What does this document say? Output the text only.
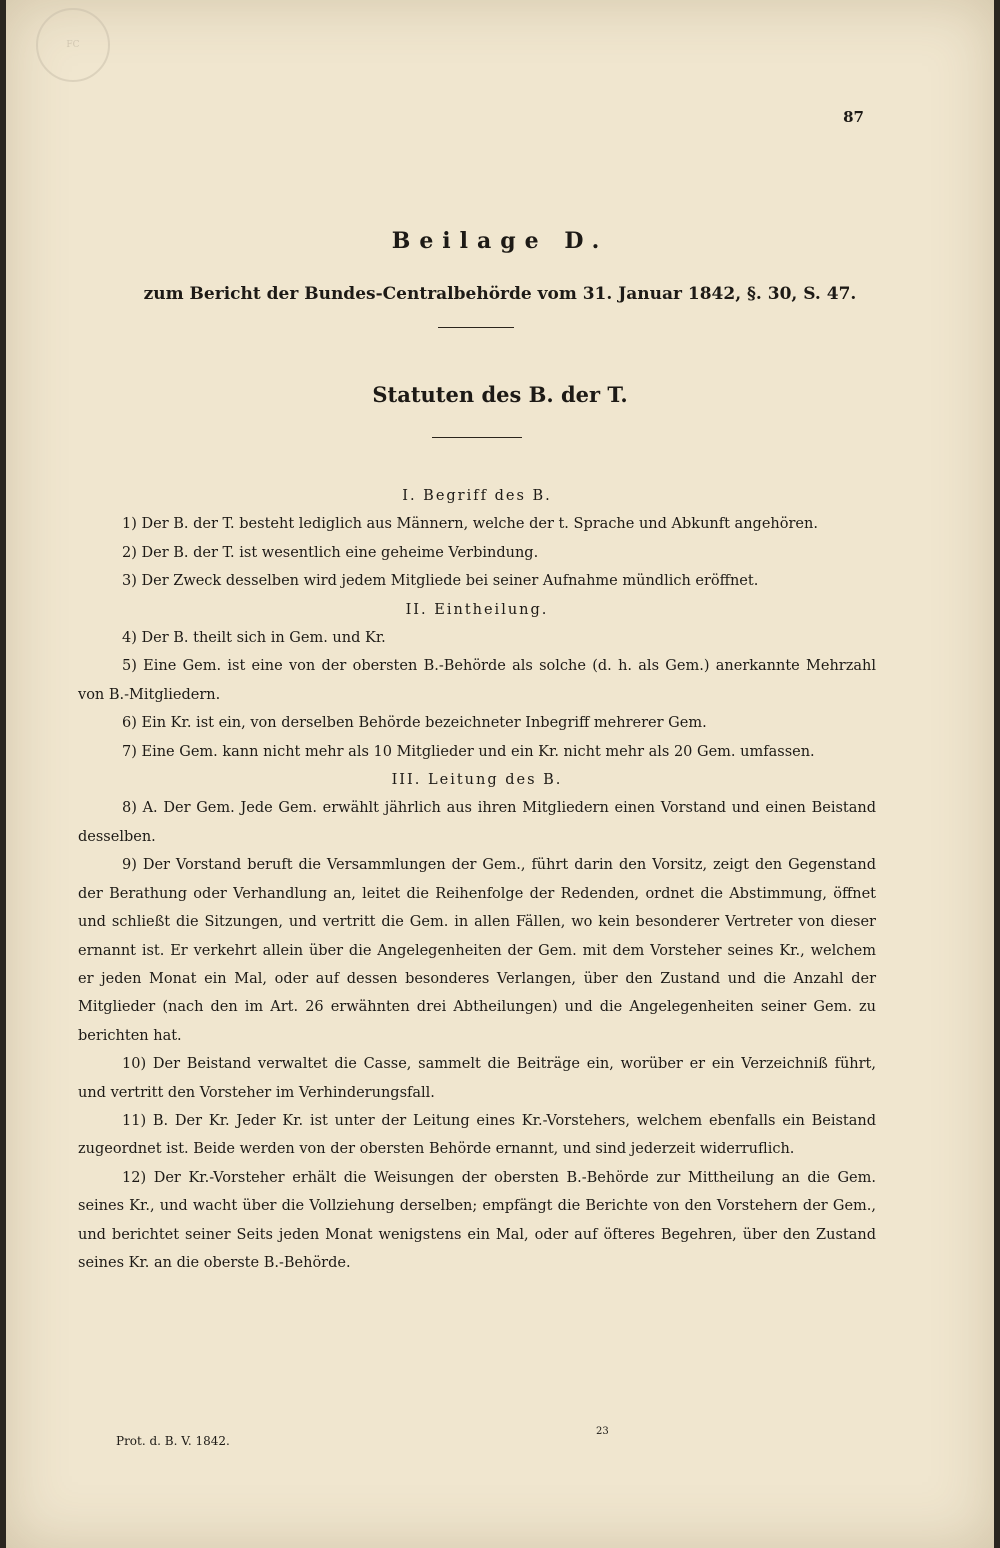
FC
87
Beilage D.
zum Bericht der Bundes-Centralbehörde vom 31. Januar 1842, §. 30, S. 47.
Statuten des B. der T.
I. Begriff des B.

1) Der B. der T. besteht lediglich aus Männern, welche der t. Sprache und Abkunft angehören.

2) Der B. der T. ist wesentlich eine geheime Verbindung.

3) Der Zweck desselben wird jedem Mitgliede bei seiner Aufnahme mündlich eröffnet.

II. Eintheilung.

4) Der B. theilt sich in Gem. und Kr.

5) Eine Gem. ist eine von der obersten B.-Behörde als solche (d. h. als Gem.) anerkannte Mehrzahl von B.-Mitgliedern.

6) Ein Kr. ist ein, von derselben Behörde bezeichneter Inbegriff mehrerer Gem.

7) Eine Gem. kann nicht mehr als 10 Mitglieder und ein Kr. nicht mehr als 20 Gem. umfassen.

III. Leitung des B.

8) A. Der Gem. Jede Gem. erwählt jährlich aus ihren Mitgliedern einen Vorstand und einen Beistand desselben.

9) Der Vorstand beruft die Versammlungen der Gem., führt darin den Vorsitz, zeigt den Gegenstand der Berathung oder Verhandlung an, leitet die Reihenfolge der Redenden, ordnet die Abstimmung, öffnet und schließt die Sitzungen, und vertritt die Gem. in allen Fällen, wo kein besonderer Vertreter von dieser ernannt ist. Er verkehrt allein über die Angelegenheiten der Gem. mit dem Vorsteher seines Kr., welchem er jeden Monat ein Mal, oder auf dessen besonderes Verlangen, über den Zustand und die Anzahl der Mitglieder (nach den im Art. 26 erwähnten drei Abtheilungen) und die Angelegenheiten seiner Gem. zu berichten hat.

10) Der Beistand verwaltet die Casse, sammelt die Beiträge ein, worüber er ein Verzeichniß führt, und vertritt den Vorsteher im Verhinderungsfall.

11) B. Der Kr. Jeder Kr. ist unter der Leitung eines Kr.-Vorstehers, welchem ebenfalls ein Beistand zugeordnet ist. Beide werden von der obersten Behörde ernannt, und sind jederzeit widerruflich.

12) Der Kr.-Vorsteher erhält die Weisungen der obersten B.-Behörde zur Mittheilung an die Gem. seines Kr., und wacht über die Vollziehung derselben; empfängt die Berichte von den Vorstehern der Gem., und berichtet seiner Seits jeden Monat wenigstens ein Mal, oder auf öfteres Begehren, über den Zustand seines Kr. an die oberste B.-Behörde.

Prot. d. B. V. 1842.
23
